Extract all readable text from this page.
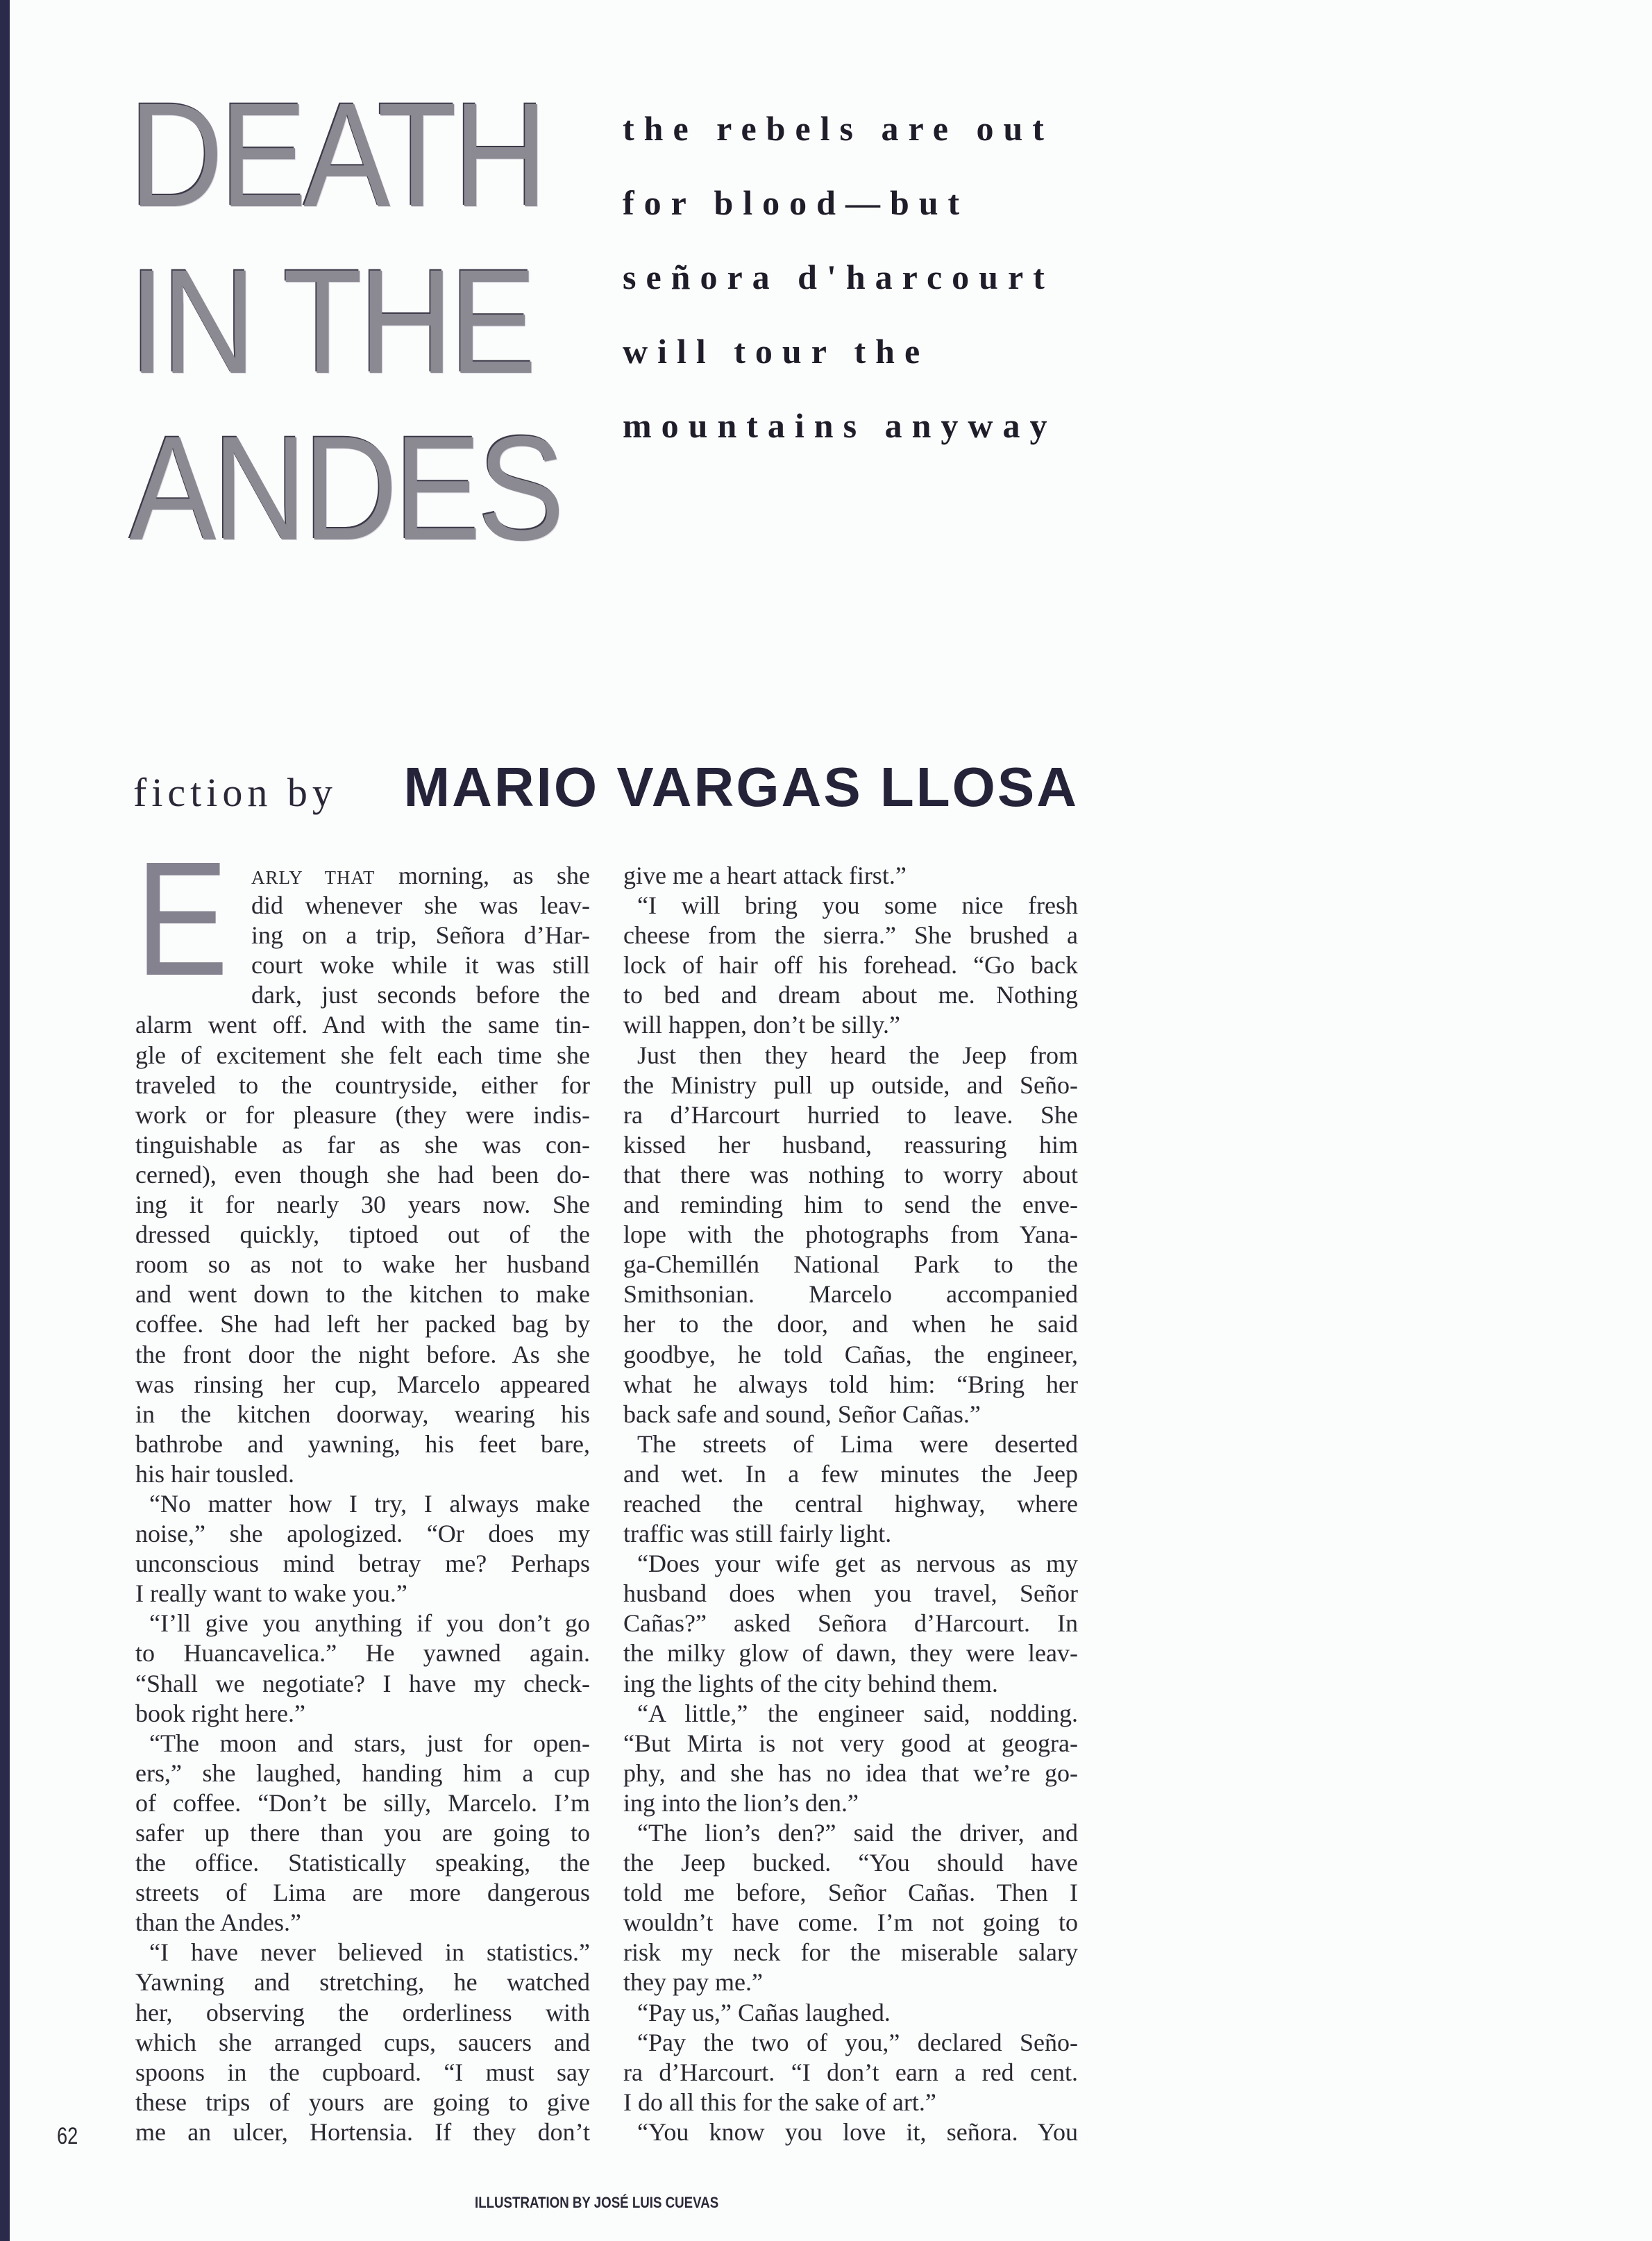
DEATH
IN THE
ANDES
the rebels are out
for blood—but
señora d'harcourt
will tour the
mountains anyway
fiction by MARIO VARGAS LLOSA
E ARLY THAT morning, as she
did whenever she was leav-
ing on a trip, Señora d’Har-
court woke while it was still
dark, just seconds before the
alarm went off. And with the same tin-
gle of excitement she felt each time she
traveled to the countryside, either for
work or for pleasure (they were indis-
tinguishable as far as she was con-
cerned), even though she had been do-
ing it for nearly 30 years now. She
dressed quickly, tiptoed out of the
room so as not to wake her husband
and went down to the kitchen to make
coffee. She had left her packed bag by
the front door the night before. As she
was rinsing her cup, Marcelo appeared
in the kitchen doorway, wearing his
bathrobe and yawning, his feet bare,
his hair tousled.
“No matter how I try, I always make
noise,” she apologized. “Or does my
unconscious mind betray me? Perhaps
I really want to wake you.”
“I’ll give you anything if you don’t go
to Huancavelica.” He yawned again.
“Shall we negotiate? I have my check-
book right here.”
“The moon and stars, just for open-
ers,” she laughed, handing him a cup
of coffee. “Don’t be silly, Marcelo. I’m
safer up there than you are going to
the office. Statistically speaking, the
streets of Lima are more dangerous
than the Andes.”
“I have never believed in statistics.”
Yawning and stretching, he watched
her, observing the orderliness with
which she arranged cups, saucers and
spoons in the cupboard. “I must say
these trips of yours are going to give
me an ulcer, Hortensia. If they don’t
give me a heart attack first.”
“I will bring you some nice fresh
cheese from the sierra.” She brushed a
lock of hair off his forehead. “Go back
to bed and dream about me. Nothing
will happen, don’t be silly.”
Just then they heard the Jeep from
the Ministry pull up outside, and Seño-
ra d’Harcourt hurried to leave. She
kissed her husband, reassuring him
that there was nothing to worry about
and reminding him to send the enve-
lope with the photographs from Yana-
ga-Chemillén National Park to the
Smithsonian. Marcelo accompanied
her to the door, and when he said
goodbye, he told Cañas, the engineer,
what he always told him: “Bring her
back safe and sound, Señor Cañas.”
The streets of Lima were deserted
and wet. In a few minutes the Jeep
reached the central highway, where
traffic was still fairly light.
“Does your wife get as nervous as my
husband does when you travel, Señor
Cañas?” asked Señora d’Harcourt. In
the milky glow of dawn, they were leav-
ing the lights of the city behind them.
“A little,” the engineer said, nodding.
“But Mirta is not very good at geogra-
phy, and she has no idea that we’re go-
ing into the lion’s den.”
“The lion’s den?” said the driver, and
the Jeep bucked. “You should have
told me before, Señor Cañas. Then I
wouldn’t have come. I’m not going to
risk my neck for the miserable salary
they pay me.”
“Pay us,” Cañas laughed.
“Pay the two of you,” declared Seño-
ra d’Harcourt. “I don’t earn a red cent.
I do all this for the sake of art.”
“You know you love it, señora. You
62
ILLUSTRATION BY JOSÉ LUIS CUEVAS
